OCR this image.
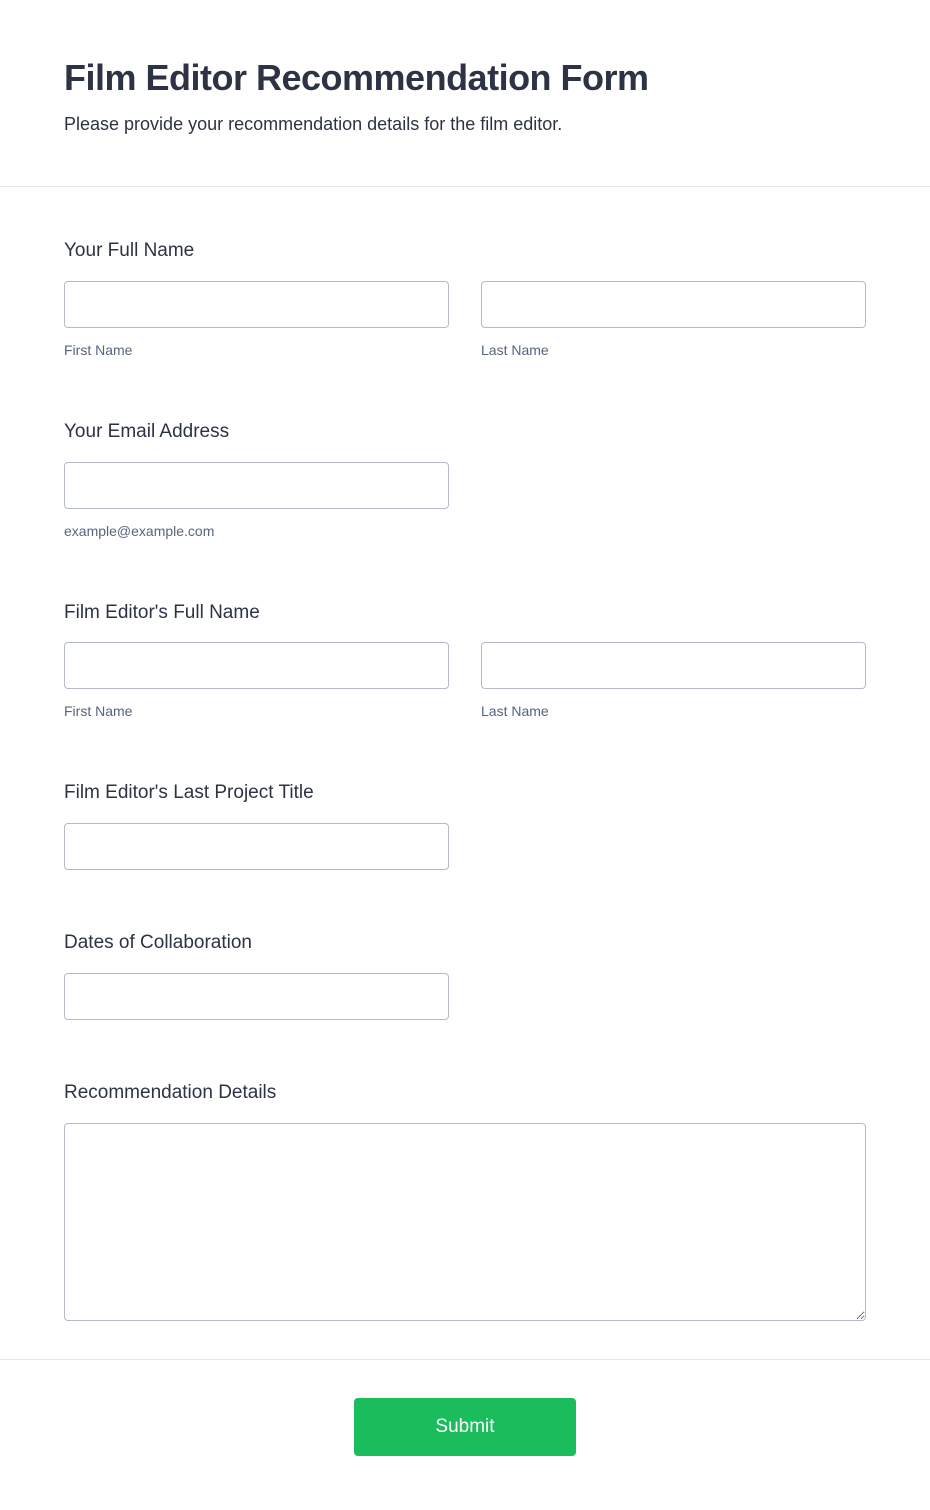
Film Editor Recommendation Form
Please provide your recommendation details for the film editor.
Your Full Name
First Name	Last Name
Your Email Address
example@example.com
Film Editor's Full Name
First Name	Last Name
Film Editor's Last Project Title
Dates of Collaboration
Recommendation Details
Submit
